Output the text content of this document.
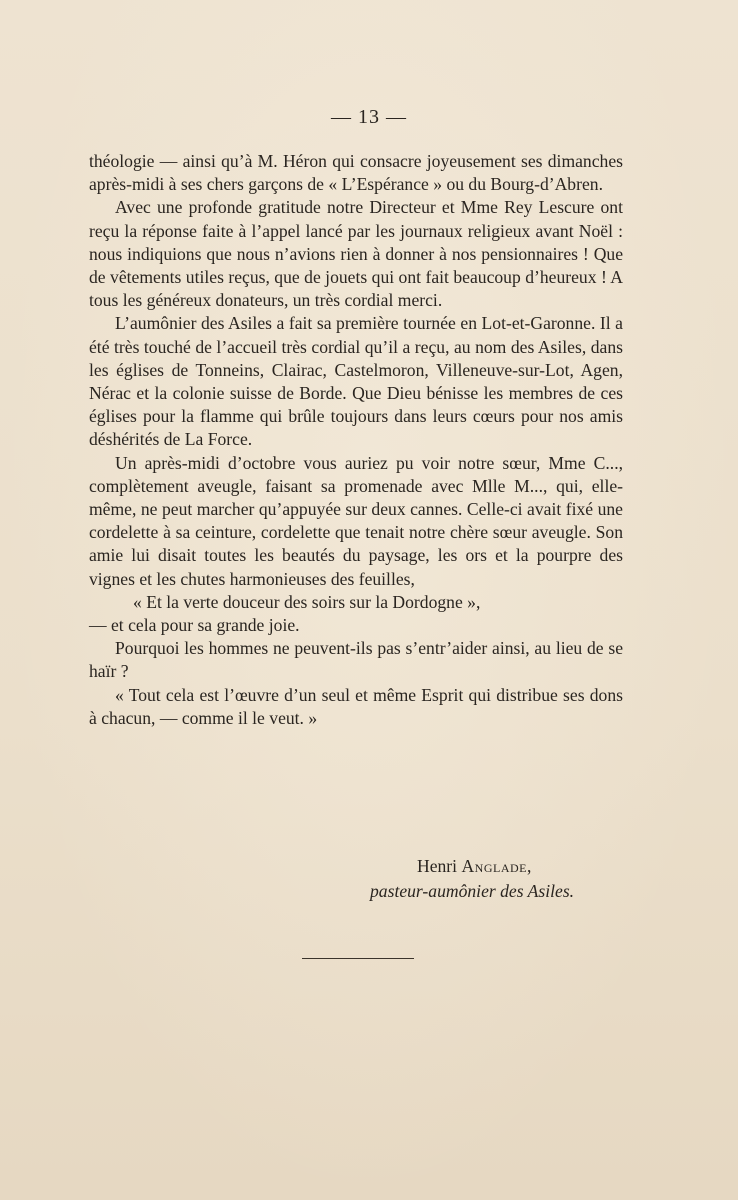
— 13 —

théologie — ainsi qu’à M. Héron qui consacre joyeusement ses dimanches après-midi à ses chers garçons de « L’Espérance » ou du Bourg-d’Abren.

Avec une profonde gratitude notre Directeur et Mme Rey Lescure ont reçu la réponse faite à l’appel lancé par les journaux religieux avant Noël : nous indiquions que nous n’avions rien à donner à nos pensionnaires ! Que de vêtements utiles reçus, que de jouets qui ont fait beaucoup d’heureux ! A tous les généreux donateurs, un très cordial merci.

L’aumônier des Asiles a fait sa première tournée en Lot-et-Garonne. Il a été très touché de l’accueil très cordial qu’il a reçu, au nom des Asiles, dans les églises de Tonneins, Clairac, Castelmoron, Villeneuve-sur-Lot, Agen, Nérac et la colonie suisse de Borde. Que Dieu bénisse les membres de ces églises pour la flamme qui brûle toujours dans leurs cœurs pour nos amis déshérités de La Force.

Un après-midi d’octobre vous auriez pu voir notre sœur, Mme C..., complètement aveugle, faisant sa promenade avec Mlle M..., qui, elle-même, ne peut marcher qu’appuyée sur deux cannes. Celle-ci avait fixé une cordelette à sa ceinture, cordelette que tenait notre chère sœur aveugle. Son amie lui disait toutes les beautés du paysage, les ors et la pourpre des vignes et les chutes harmonieuses des feuilles,

« Et la verte douceur des soirs sur la Dordogne »,

— et cela pour sa grande joie.

Pourquoi les hommes ne peuvent-ils pas s’entr’aider ainsi, au lieu de se haïr ?

« Tout cela est l’œuvre d’un seul et même Esprit qui distribue ses dons à chacun, — comme il le veut. »

Henri Anglade,
pasteur-aumônier des Asiles.
